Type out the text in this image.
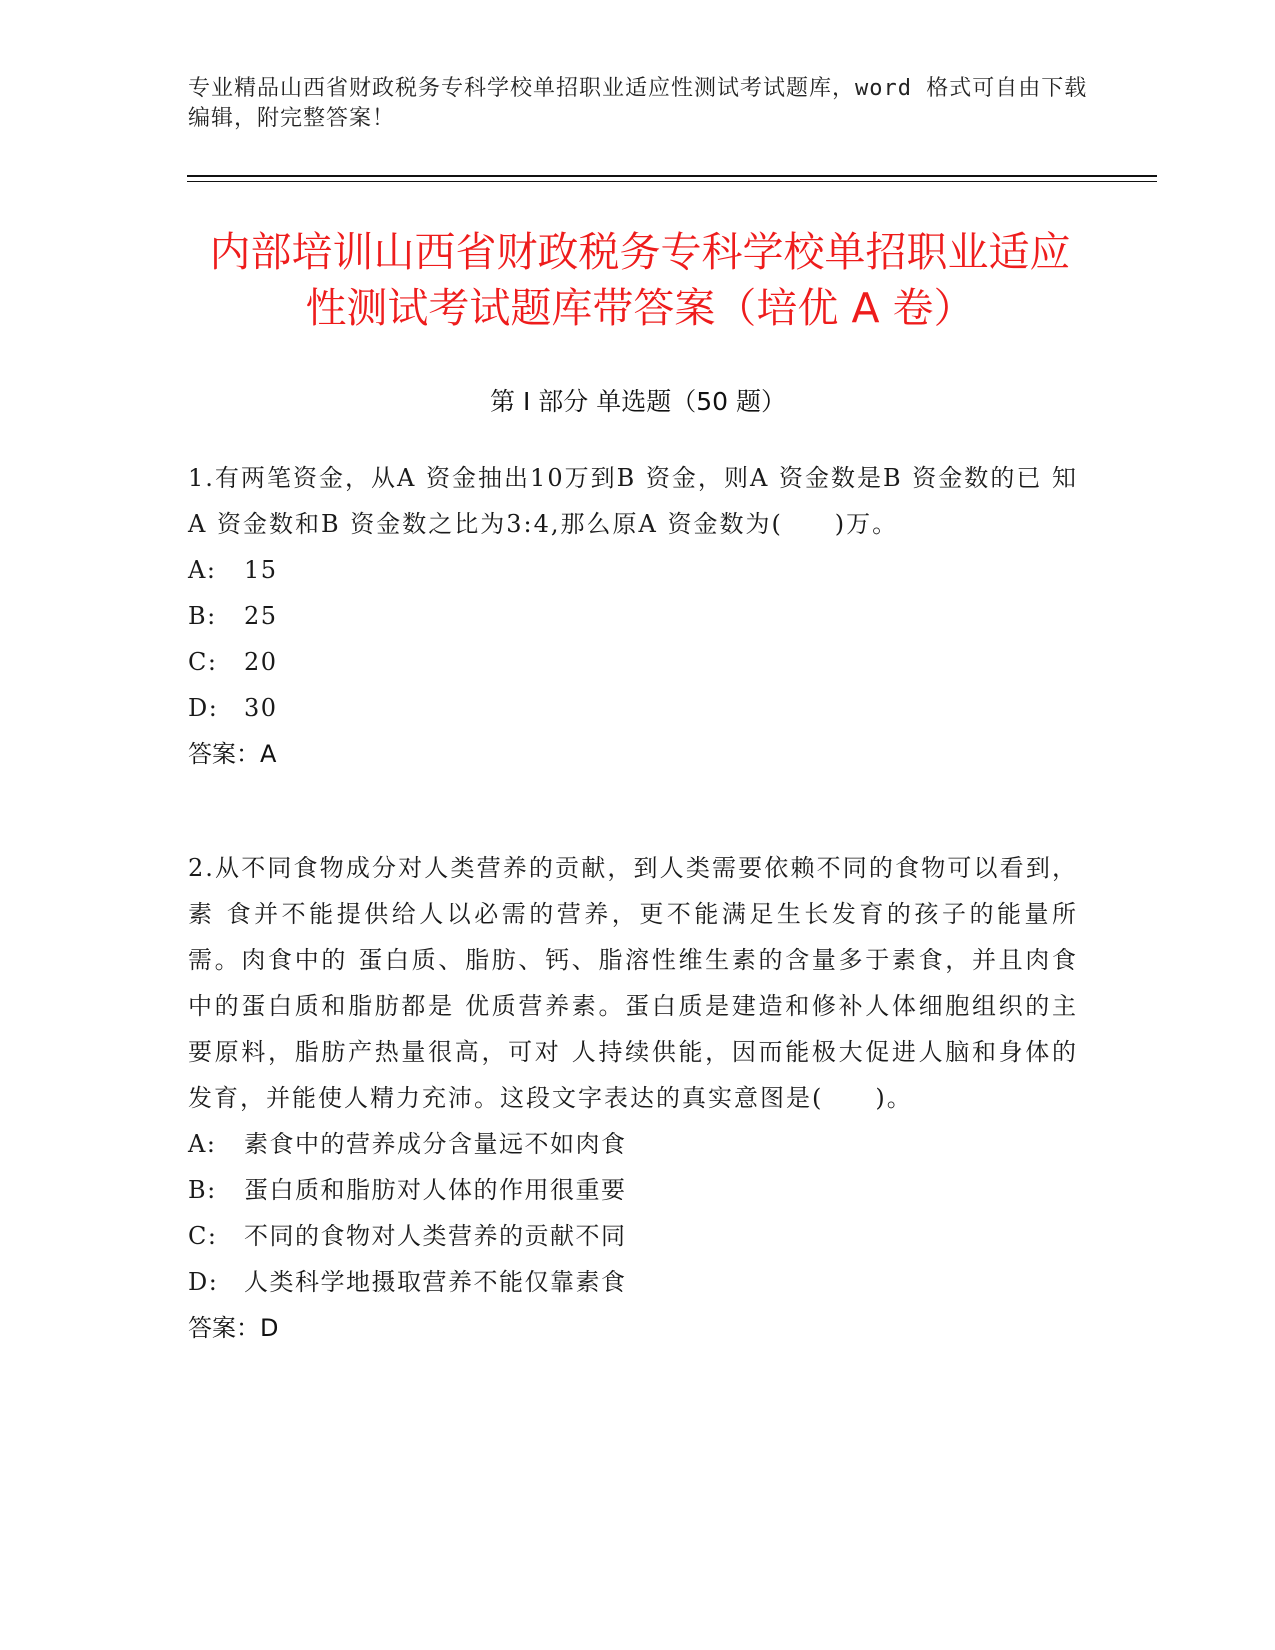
专业精品山西省财政税务专科学校单招职业适应性测试考试题库，word 格式可自由下载编辑，附完整答案！
内部培训山西省财政税务专科学校单招职业适应性测试考试题库带答案（培优 A 卷）
第 I 部分 单选题（50 题）

1.有两笔资金，从A 资金抽出10万到B 资金，则A 资金数是B 资金数的已 知A 资金数和B 资金数之比为3:4,那么原A 资金数为(　　)万。

A:	15
B:	25
C:	20
D:	30
答案：A

2.从不同食物成分对人类营养的贡献，到人类需要依赖不同的食物可以看到，素 食并不能提供给人以必需的营养，更不能满足生长发育的孩子的能量所需。肉食中的 蛋白质、脂肪、钙、脂溶性维生素的含量多于素食，并且肉食中的蛋白质和脂肪都是 优质营养素。蛋白质是建造和修补人体细胞组织的主要原料，脂肪产热量很高，可对 人持续供能，因而能极大促进人脑和身体的发育，并能使人精力充沛。这段文字表达的真实意图是(　　)。

A:	素食中的营养成分含量远不如肉食
B:	蛋白质和脂肪对人体的作用很重要
C:	不同的食物对人类营养的贡献不同
D:	人类科学地摄取营养不能仅靠素食
答案：D
